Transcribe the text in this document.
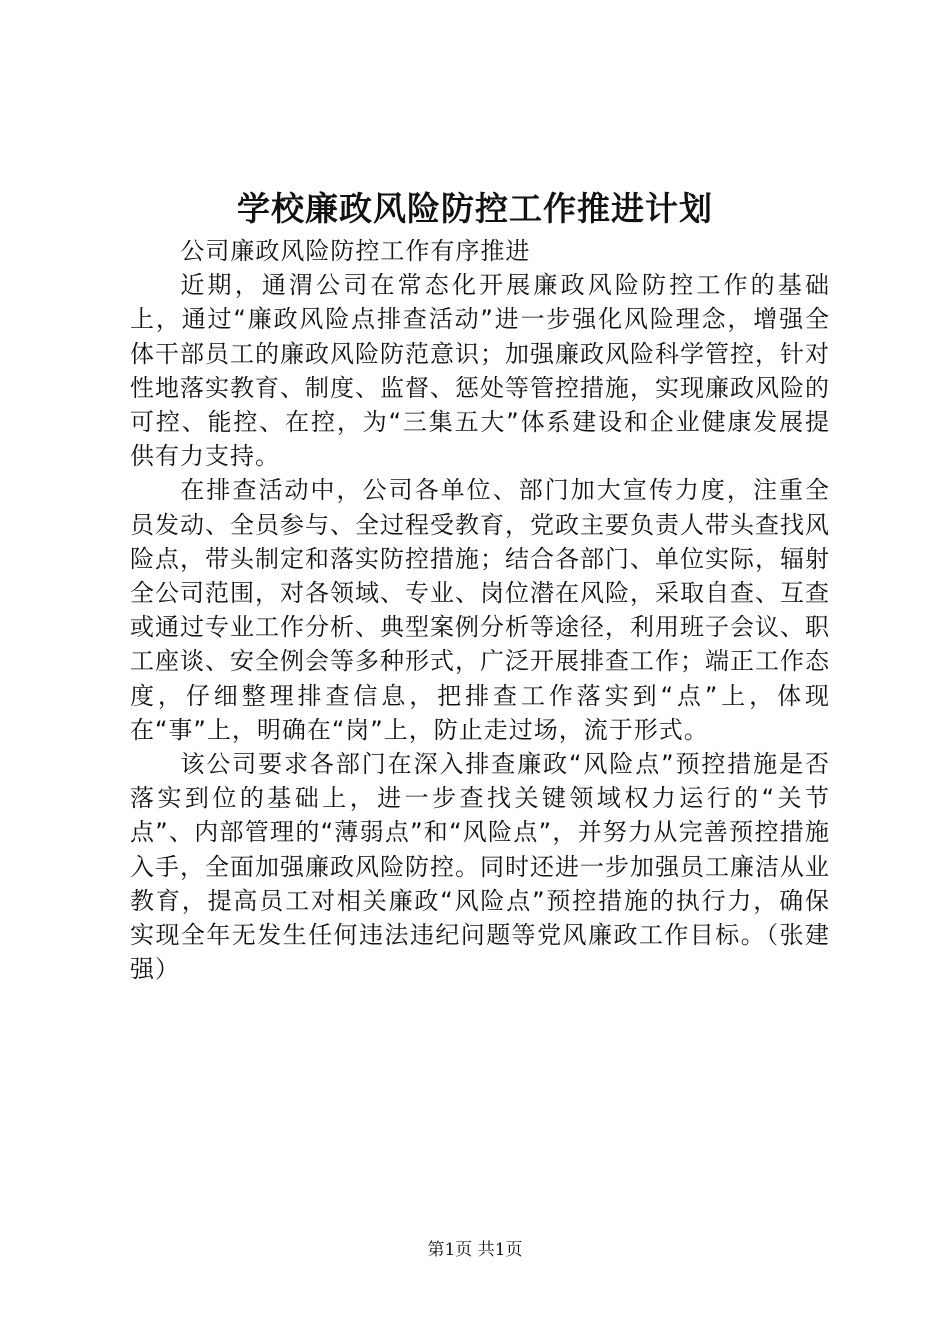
学校廉政风险防控工作推进计划

公司廉政风险防控工作有序推进

近期，通渭公司在常态化开展廉政风险防控工作的基础上，通过“廉政风险点排查活动”进一步强化风险理念，增强全体干部员工的廉政风险防范意识；加强廉政风险科学管控，针对性地落实教育、制度、监督、惩处等管控措施，实现廉政风险的可控、能控、在控，为“三集五大”体系建设和企业健康发展提供有力支持。

在排查活动中，公司各单位、部门加大宣传力度，注重全员发动、全员参与、全过程受教育，党政主要负责人带头查找风险点，带头制定和落实防控措施；结合各部门、单位实际，辐射全公司范围，对各领域、专业、岗位潜在风险，采取自查、互查或通过专业工作分析、典型案例分析等途径，利用班子会议、职工座谈、安全例会等多种形式，广泛开展排查工作；端正工作态度，仔细整理排查信息，把排查工作落实到“点”上，体现在“事”上，明确在“岗”上，防止走过场，流于形式。

该公司要求各部门在深入排查廉政“风险点”预控措施是否落实到位的基础上，进一步查找关键领域权力运行的“关节点”、内部管理的“薄弱点”和“风险点”，并努力从完善预控措施入手，全面加强廉政风险防控。同时还进一步加强员工廉洁从业教育，提高员工对相关廉政“风险点”预控措施的执行力，确保实现全年无发生任何违法违纪问题等党风廉政工作目标。（张建强）

第1页 共1页
